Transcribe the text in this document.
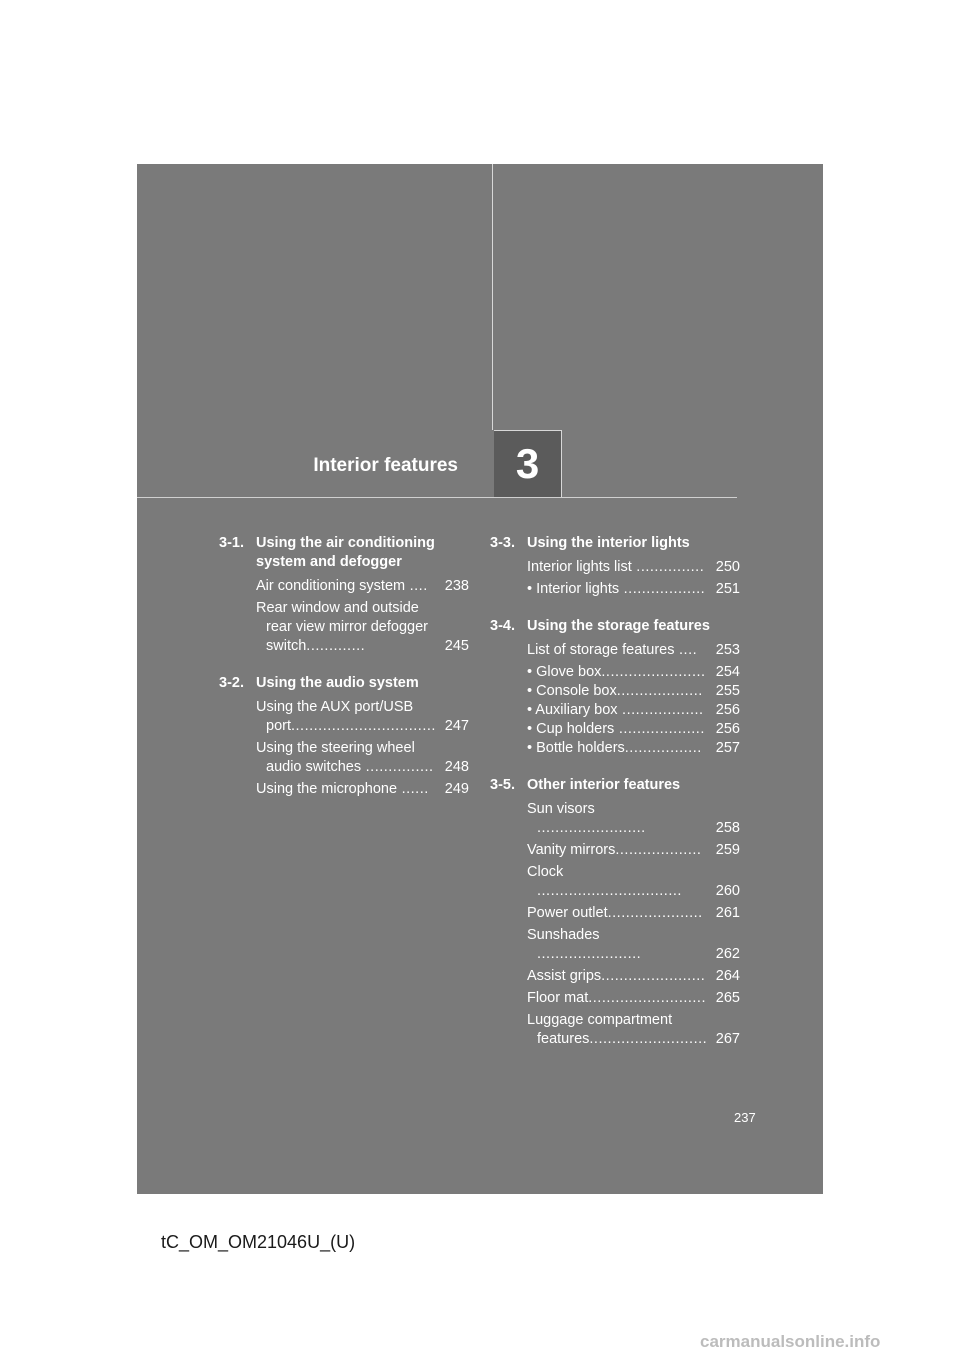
Interior features 3
3-1. Using the air conditioning system and defogger
Air conditioning system ....	238
Rear window and outside rear view mirror defogger switch.............	245
3-2. Using the audio system
Using the AUX port/USB port................................ 247
Using the steering wheel audio switches ............... 248
Using the microphone ......	249
3-3. Using the interior lights
Interior lights list ............... 250
• Interior lights .................. 251
3-4. Using the storage features
List of storage features ....	253
• Glove box....................... 254
• Console box................... 255
• Auxiliary box .................. 256
• Cup holders ................... 256
• Bottle holders................. 257
3-5. Other interior features
Sun visors ........................	258
Vanity mirrors................... 259
Clock ................................	260
Power outlet..................... 261
Sunshades .......................	262
Assist grips....................... 264
Floor mat.......................... 265
Luggage compartment features.......................... 267
237
tC_OM_OM21046U_(U)
carmanualsonline.info
